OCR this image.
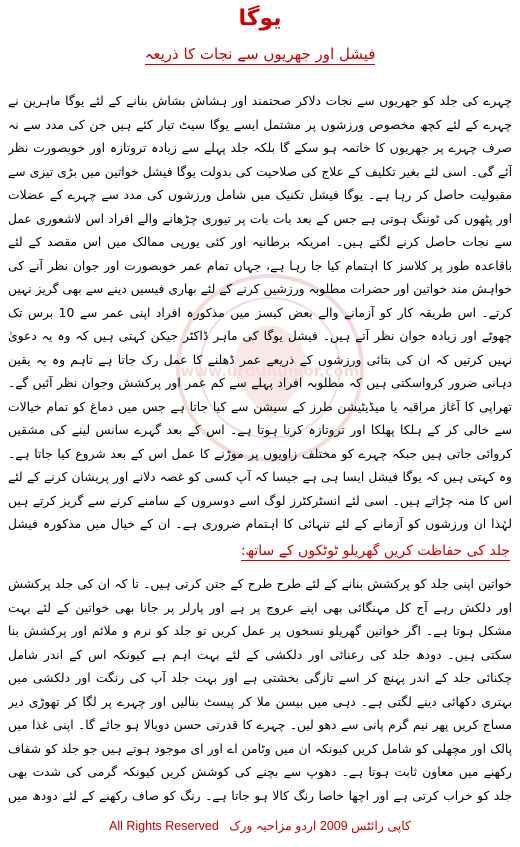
www.urduhumor.com
یوگا
فیشل اور جھریوں سے نجات کا ذریعہ
چہرے کی جلد کو جھریوں سے نجات دلاکر صحتمند اور ہشاش بشاش بنانے کے لئے یوگا ماہرین نے چہرے کے لئے کچھ مخصوص ورزشوں پر مشتمل ایسے یوگا سیٹ تیار کئے ہیں جن کی مدد سے نہ صرف چہرے پر جھریوں کا خاتمہ ہو سکے گا بلکہ جلد پہلے سے زیادہ تروتازہ اور خوبصورت نظر آئے گی۔ اسی لئے بغیر تکلیف کے علاج کی صلاحیت کی بدولت یوگا فیشل خواتین میں بڑی تیزی سے مقبولیت حاصل کر رہا ہے۔ یوگا فیشل تکنیک میں شامل ورزشوں کی مدد سے چہرے کے عضلات اور پٹھوں کی ٹوننگ ہوتی ہے جس کے بعد بات بات پر تیوری چڑھانے والے افراد اس لاشعوری عمل سے نجات حاصل کرنے لگتے ہیں۔ امریکہ برطانیہ اور کئی یورپی ممالک میں اس مقصد کے لئے باقاعدہ طور پر کلاسز کا اہتمام کیا جا رہا ہے، جہاں تمام عمر خوبصورت اور جوان نظر آنے کی خواہش مند خواتین اور حضرات مطلوبہ ورزشیں کرنے کے لئے بھاری فیسیں دینے سے بھی گریز نہیں کرتے۔ اس طریقہ کار کو آزمانے والے بعض کیسز میں مذکورہ افراد اپنی عمر سے 10 برس تک چھوٹے اور زیادہ جوان نظر آتے ہیں۔ فیشل یوگا کی ماہر ڈاکٹر جیکن کہتی ہیں کہ وہ یہ دعویٰ نہیں کرتیں کہ ان کی بتائی ورزشوں کے ذریعے عمر ڈھلنے کا عمل رک جاتا ہے تاہم وہ یہ یقین دہانی ضرور کرواسکتی ہیں کہ مطلوبہ افراد پہلے سے کم عمر اور پرکشش وجوان نظر آئیں گے۔ تھراپی کا آغاز مراقبہ یا میڈیٹیشن طرز کے سیشن سے کیا جاتا ہے جس میں دماغ کو تمام خیالات سے خالی کر کے ہلکا پھلکا اور تروتازہ کرنا ہوتا ہے۔ اس کے بعد گہرے سانس لینے کی مشقیں کروائی جاتی ہیں جبکہ چہرے کو مختلف زاویوں پر موڑنے کا عمل اس کے بعد شروع کیا جاتا ہے۔ وہ کہتی ہیں کہ یوگا فیشل ایسا ہی ہے جیسا کہ آپ کسی کو غصہ دلانے اور پریشان کرنے کے لئے اس کا منہ چڑاتے ہیں۔ اسی لئے انسٹرکٹرز لوگ اسے دوسروں کے سامنے کرنے سے گریز کرتے ہیں لہٰذا ان ورزشوں کو آزمانے کے لئے تنہائی کا اہتمام ضروری ہے۔ ان کے خیال میں مذکورہ فیشل
جلد کی حفاظت کریں گھریلو ٹوٹکوں کے ساتھ:
خواتین اپنی جلد کو پرکشش بنانے کے لئے طرح طرح کے جتن کرتی ہیں۔ تا کہ ان کی جلد پرکشش اور دلکش رہے آج کل مہنگائی بھی اپنے عروج پر ہے اور پارلر پر جانا بھی خواتین کے لئے بہت مشکل ہوتا ہے۔ اگر خواتین گھریلو نسخوں پر عمل کریں تو جلد کو نرم و ملائم اور پرکشش بنا سکتی ہیں۔ دودھ جلد کی رعنائی اور دلکشی کے لئے بہت اہم ہے کیونکہ اس کے اندر شامل چکنائی جلد کے اندر پہنچ کر اسے تازگی بخشتی ہے اور بہت جلد آپ کی رنگت اور دلکشی میں بہتری دکھائی دینے لگتی ہے۔ دہی میں بیسن ملا کر پیسٹ بنالیں اور چہرے پر لگا کر تھوڑی دیر مساج کریں پھر نیم گرم پانی سے دھو لیں۔ چہرے کا قدرتی حسن دوبالا ہو جائے گا۔ اپنی غذا میں پالک اور مچھلی کو شامل کریں کیونکہ ان میں وٹامن اے اور ای موجود ہوتے ہیں جو جلد کو شفاف رکھنے میں معاون ثابت ہوتا ہے۔ دھوپ سے بچنے کی کوشش کریں کیونکہ گرمی کی شدت بھی جلد کو خراب کرتی ہے اور اچھا خاصا رنگ کالا ہو جاتا ہے۔ رنگ کو صاف رکھنے کے لئے دودھ میں
All Rights Reserved کاپی رائٹس 2009 اردو مزاحیہ ورک
